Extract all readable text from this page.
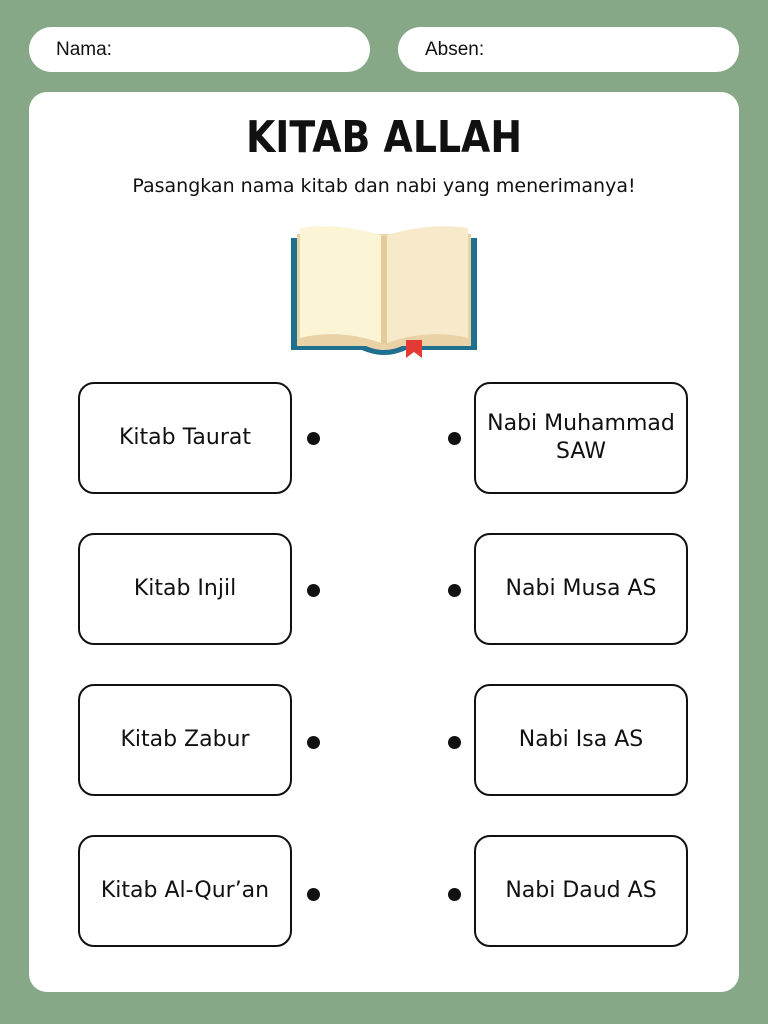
Nama:	Absen:
KITAB ALLAH
Pasangkan nama kitab dan nabi yang menerimanya!
Kitab Taurat
Kitab Injil
Kitab Zabur
Kitab Al-Qur’an
Nabi Muhammad SAW
Nabi Musa AS
Nabi Isa AS
Nabi Daud AS
